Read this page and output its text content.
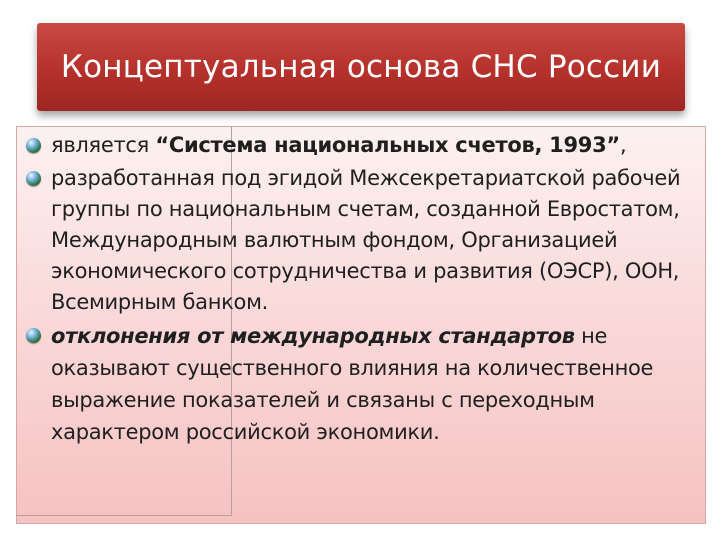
Концептуальная основа СНС России
является “Система национальных счетов, 1993”,
разработанная под эгидой Межсекретариатской рабочей группы по национальным счетам, созданной Евростатом, Международным валютным фондом, Организацией экономического сотрудничества и развития (ОЭСР), ООН, Всемирным банком.
отклонения от международных стандартов не оказывают существенного влияния на количественное выражение показателей и связаны с переходным характером российской экономики.
